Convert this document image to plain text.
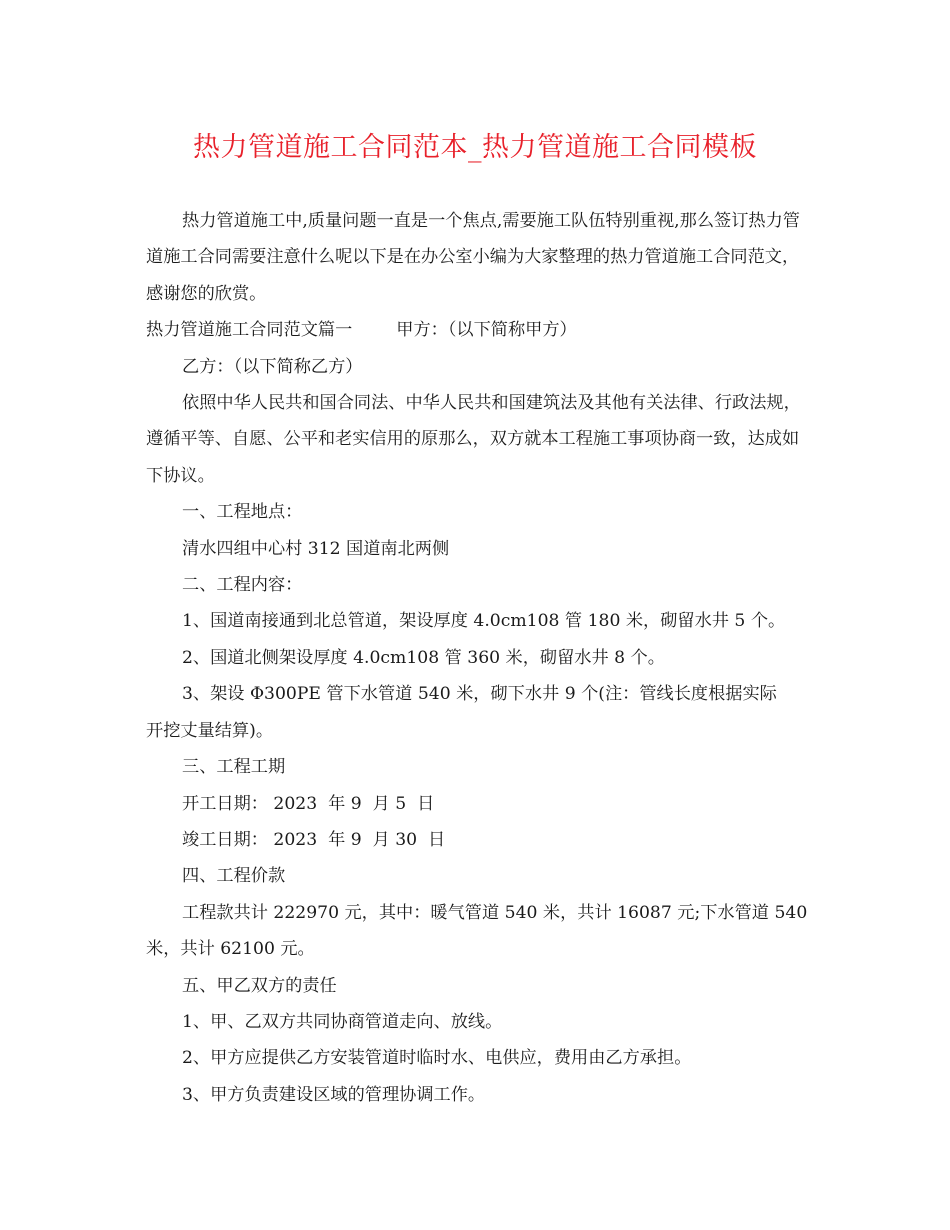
热力管道施工合同范本_热力管道施工合同模板

热力管道施工中,质量问题一直是一个焦点,需要施工队伍特别重视,那么签订热力管道施工合同需要注意什么呢以下是在办公室小编为大家整理的热力管道施工合同范文，感谢您的欣赏。

热力管道施工合同范文篇一	甲方：（以下简称甲方）

乙方：（以下简称乙方）

依照中华人民共和国合同法、中华人民共和国建筑法及其他有关法律、行政法规，遵循平等、自愿、公平和老实信用的原那么，双方就本工程施工事项协商一致，达成如下协议。

一、工程地点：

清水四组中心村 312 国道南北两侧

二、工程内容：

1、国道南接通到北总管道，架设厚度 4.0cm108 管 180 米，砌留水井 5 个。

2、国道北侧架设厚度 4.0cm108 管 360 米，砌留水井 8 个。

3、架设 Φ300PE 管下水管道 540 米，砌下水井 9 个(注：管线长度根据实际

开挖丈量结算)。

三、工程工期

开工日期： 2023  年 9  月 5  日

竣工日期： 2023  年 9  月 30  日

四、工程价款

工程款共计 222970 元，其中：暖气管道 540 米，共计 16087 元;下水管道 540

米，共计 62100 元。

五、甲乙双方的责任

1、甲、乙双方共同协商管道走向、放线。

2、甲方应提供乙方安装管道时临时水、电供应，费用由乙方承担。

3、甲方负责建设区域的管理协调工作。
